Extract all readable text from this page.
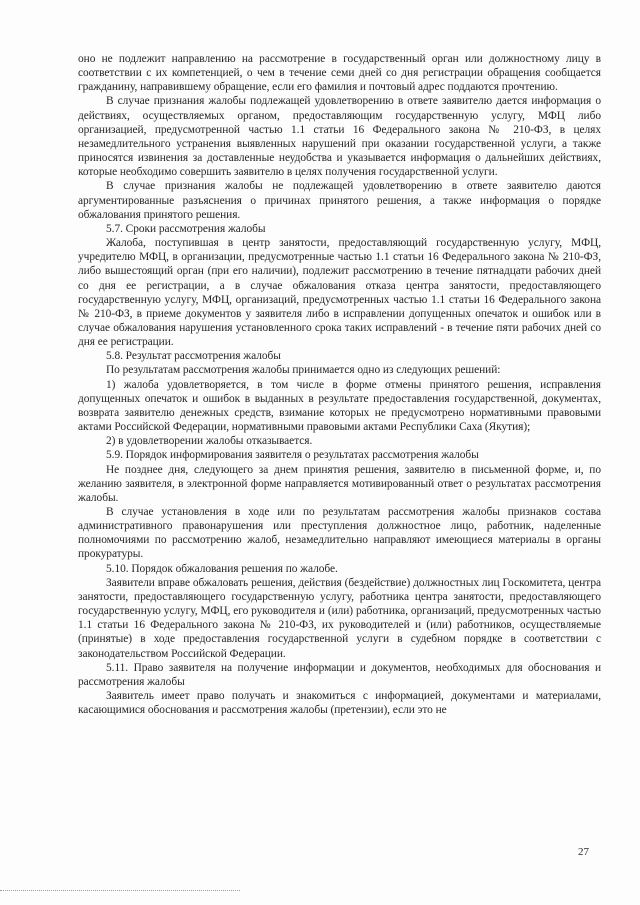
оно не подлежит направлению на рассмотрение в государственный орган или должностному лицу в соответствии с их компетенцией, о чем в течение семи дней со дня регистрации обращения сообщается гражданину, направившему обращение, если его фамилия и почтовый адрес поддаются прочтению.

В случае признания жалобы подлежащей удовлетворению в ответе заявителю дается информация о действиях, осуществляемых органом, предоставляющим государственную услугу, МФЦ либо организацией, предусмотренной частью 1.1 статьи 16 Федерального закона № 210-ФЗ, в целях незамедлительного устранения выявленных нарушений при оказании государственной услуги, а также приносятся извинения за доставленные неудобства и указывается информация о дальнейших действиях, которые необходимо совершить заявителю в целях получения государственной услуги.

В случае признания жалобы не подлежащей удовлетворению в ответе заявителю даются аргументированные разъяснения о причинах принятого решения, а также информация о порядке обжалования принятого решения.

5.7. Сроки рассмотрения жалобы

Жалоба, поступившая в центр занятости, предоставляющий государственную услугу, МФЦ, учредителю МФЦ, в организации, предусмотренные частью 1.1 статьи 16 Федерального закона № 210-ФЗ, либо вышестоящий орган (при его наличии), подлежит рассмотрению в течение пятнадцати рабочих дней со дня ее регистрации, а в случае обжалования отказа центра занятости, предоставляющего государственную услугу, МФЦ, организаций, предусмотренных частью 1.1 статьи 16 Федерального закона № 210-ФЗ, в приеме документов у заявителя либо в исправлении допущенных опечаток и ошибок или в случае обжалования нарушения установленного срока таких исправлений - в течение пяти рабочих дней со дня ее регистрации.

5.8. Результат рассмотрения жалобы

По результатам рассмотрения жалобы принимается одно из следующих решений:

1) жалоба удовлетворяется, в том числе в форме отмены принятого решения, исправления допущенных опечаток и ошибок в выданных в результате предоставления государственной, документах, возврата заявителю денежных средств, взимание которых не предусмотрено нормативными правовыми актами Российской Федерации, нормативными правовыми актами Республики Саха (Якутия);

2) в удовлетворении жалобы отказывается.

5.9. Порядок информирования заявителя о результатах рассмотрения жалобы

Не позднее дня, следующего за днем принятия решения, заявителю в письменной форме, и, по желанию заявителя, в электронной форме направляется мотивированный ответ о результатах рассмотрения жалобы.

В случае установления в ходе или по результатам рассмотрения жалобы признаков состава административного правонарушения или преступления должностное лицо, работник, наделенные полномочиями по рассмотрению жалоб, незамедлительно направляют имеющиеся материалы в органы прокуратуры.

5.10. Порядок обжалования решения по жалобе.

Заявители вправе обжаловать решения, действия (бездействие) должностных лиц Госкомитета, центра занятости, предоставляющего государственную услугу, работника центра занятости, предоставляющего государственную услугу, МФЦ, его руководителя и (или) работника, организаций, предусмотренных частью 1.1 статьи 16 Федерального закона № 210-ФЗ, их руководителей и (или) работников, осуществляемые (принятые) в ходе предоставления государственной услуги в судебном порядке в соответствии с законодательством Российской Федерации.

5.11. Право заявителя на получение информации и документов, необходимых для обоснования и рассмотрения жалобы

Заявитель имеет право получать и знакомиться с информацией, документами и материалами, касающимися обоснования и рассмотрения жалобы (претензии), если это не

27
